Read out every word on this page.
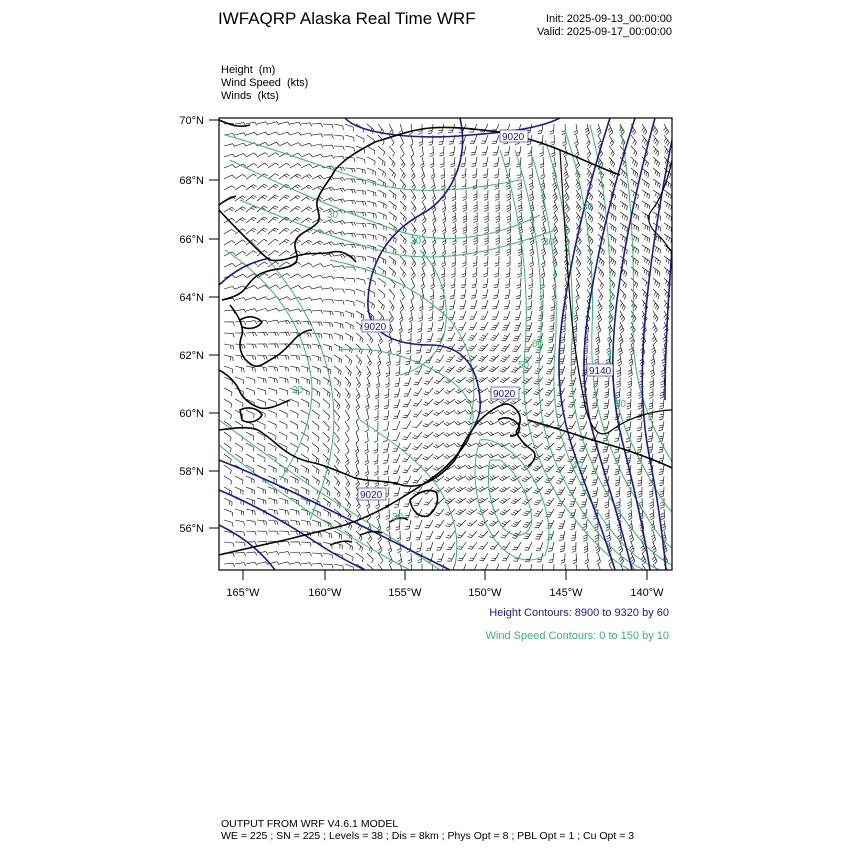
IWFAQRP Alaska Real Time WRF	Init: 2025-09-13_00:00:00
Valid: 2025-09-17_00:00:00
Height (m)
Wind Speed (kts)
Winds (kts)
9020
9020
9020
9020
9140
30
30	30
20
50
60
30
60
40
30
70°N
68°N
66°N
64°N
62°N
60°N
58°N
56°N
165°W	160°W	155°W	150°W	145°W	140°W
Height Contours: 8900 to 9320 by 60
Wind Speed Contours: 0 to 150 by 10
OUTPUT FROM WRF V4.6.1 MODEL
WE = 225 ; SN = 225 ; Levels = 38 ; Dis = 8km ; Phys Opt = 8 ; PBL Opt = 1 ; Cu Opt = 3
